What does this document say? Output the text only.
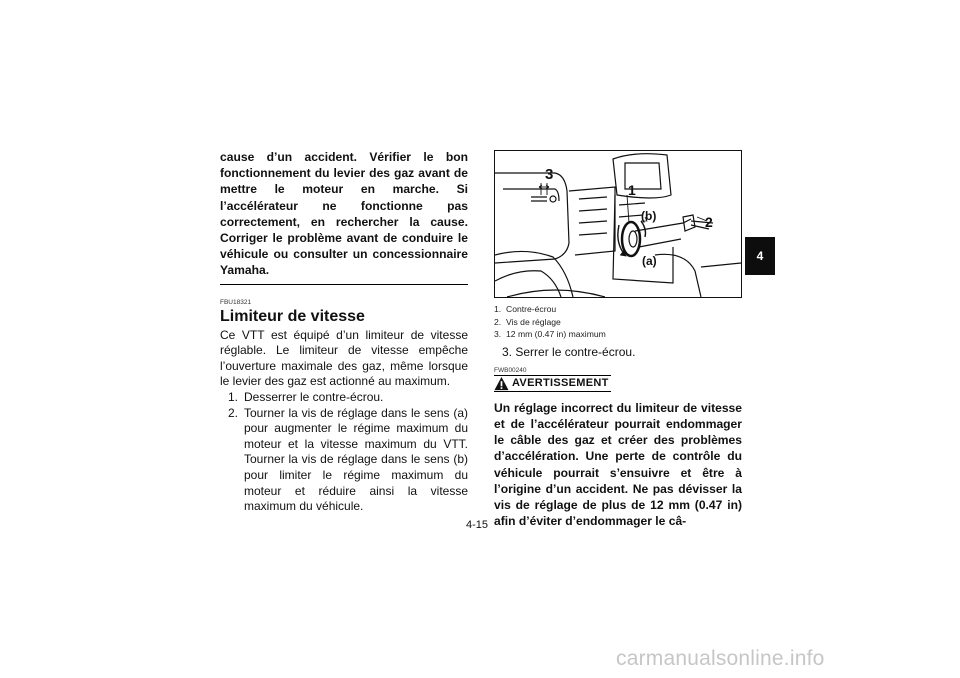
cause d’un accident. Vérifier le bon fonctionnement du levier des gaz avant de mettre le moteur en marche. Si l’accélérateur ne fonctionne pas correctement, en rechercher la cause. Corriger le problème avant de conduire le véhicule ou consulter un concessionnaire Yamaha.

FBU18321

Limiteur de vitesse

Ce VTT est équipé d’un limiteur de vitesse réglable. Le limiteur de vitesse empêche l’ouverture maximale des gaz, même lorsque le levier des gaz est actionné au maximum.

1. Desserrer le contre-écrou.
2. Tourner la vis de réglage dans le sens (a) pour augmenter le régime maximum du moteur et la vitesse maximum du VTT. Tourner la vis de réglage dans le sens (b) pour limiter le régime maximum du moteur et réduire ainsi la vitesse maximum du véhicule.
3
1
(b)	2
(a)

1. Contre-écrou

2. Vis de réglage

3. 12 mm (0.47 in) maximum

3. Serrer le contre-écrou.

FWB00240

AVERTISSEMENT

Un réglage incorrect du limiteur de vitesse et de l’accélérateur pourrait endommager le câble des gaz et créer des problèmes d’accélération. Une perte de contrôle du véhicule pourrait s’ensuivre et être à l’origine d’un accident. Ne pas dévisser la vis de réglage de plus de 12 mm (0.47 in) afin d’éviter d’endommager le câ-

4
4-15
carmanualsonline.info
